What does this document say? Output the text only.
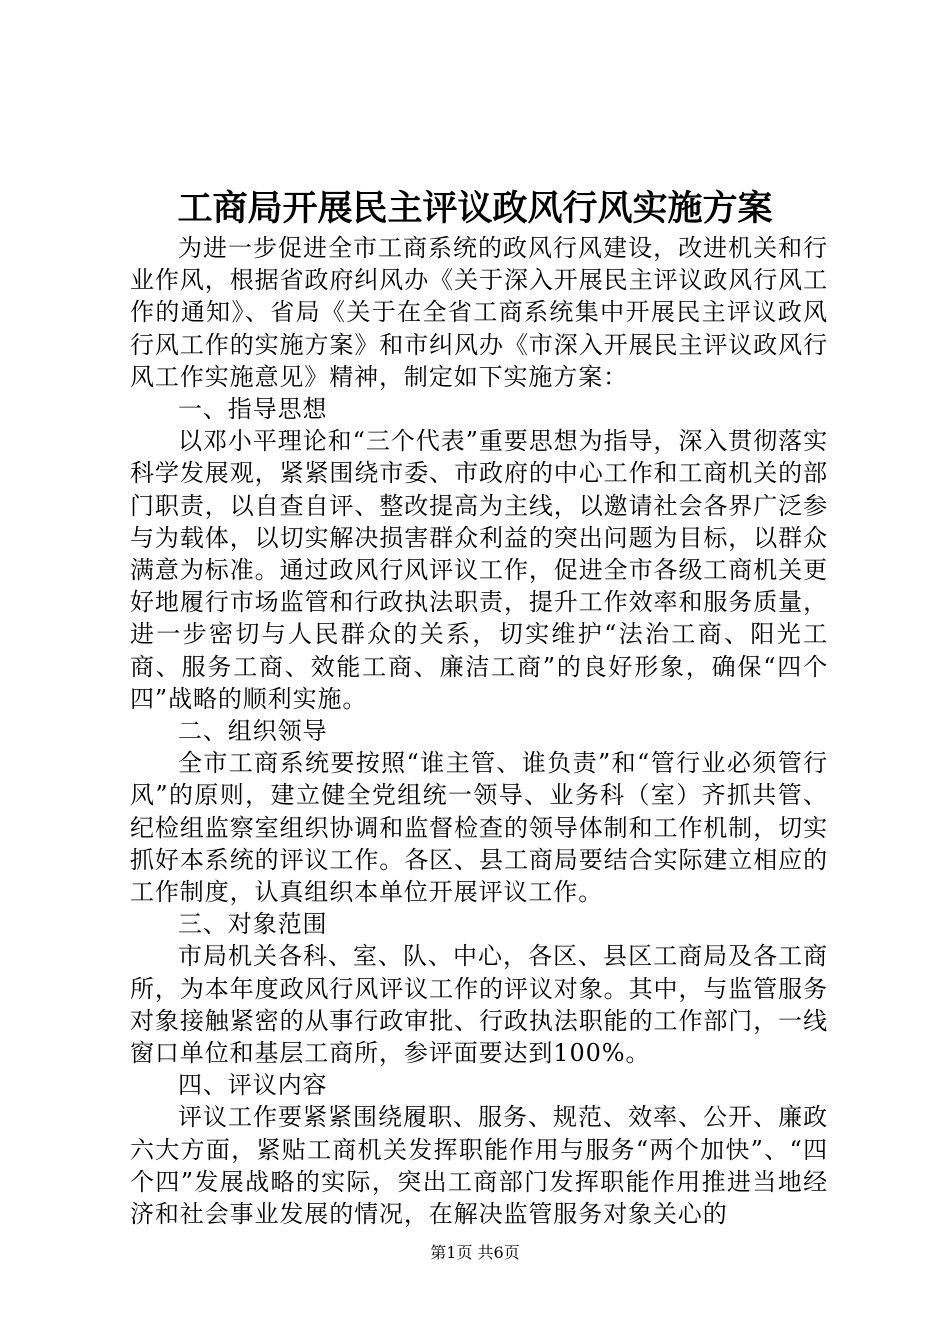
工商局开展民主评议政风行风实施方案

为进一步促进全市工商系统的政风行风建设，改进机关和行业作风，根据省政府纠风办《关于深入开展民主评议政风行风工作的通知》、省局《关于在全省工商系统集中开展民主评议政风行风工作的实施方案》和市纠风办《市深入开展民主评议政风行风工作实施意见》精神，制定如下实施方案：

一、指导思想

以邓小平理论和“三个代表”重要思想为指导，深入贯彻落实科学发展观，紧紧围绕市委、市政府的中心工作和工商机关的部门职责，以自查自评、整改提高为主线，以邀请社会各界广泛参与为载体，以切实解决损害群众利益的突出问题为目标，以群众满意为标准。通过政风行风评议工作，促进全市各级工商机关更好地履行市场监管和行政执法职责，提升工作效率和服务质量，进一步密切与人民群众的关系，切实维护“法治工商、阳光工商、服务工商、效能工商、廉洁工商”的良好形象，确保“四个四”战略的顺利实施。

二、组织领导

全市工商系统要按照“谁主管、谁负责”和“管行业必须管行风”的原则，建立健全党组统一领导、业务科（室）齐抓共管、纪检组监察室组织协调和监督检查的领导体制和工作机制，切实抓好本系统的评议工作。各区、县工商局要结合实际建立相应的工作制度，认真组织本单位开展评议工作。

三、对象范围

市局机关各科、室、队、中心，各区、县区工商局及各工商所，为本年度政风行风评议工作的评议对象。其中，与监管服务对象接触紧密的从事行政审批、行政执法职能的工作部门，一线窗口单位和基层工商所，参评面要达到100%。

四、评议内容

评议工作要紧紧围绕履职、服务、规范、效率、公开、廉政六大方面，紧贴工商机关发挥职能作用与服务“两个加快”、“四个四”发展战略的实际，突出工商部门发挥职能作用推进当地经济和社会事业发展的情况，在解决监管服务对象关心的

第1页 共6页
